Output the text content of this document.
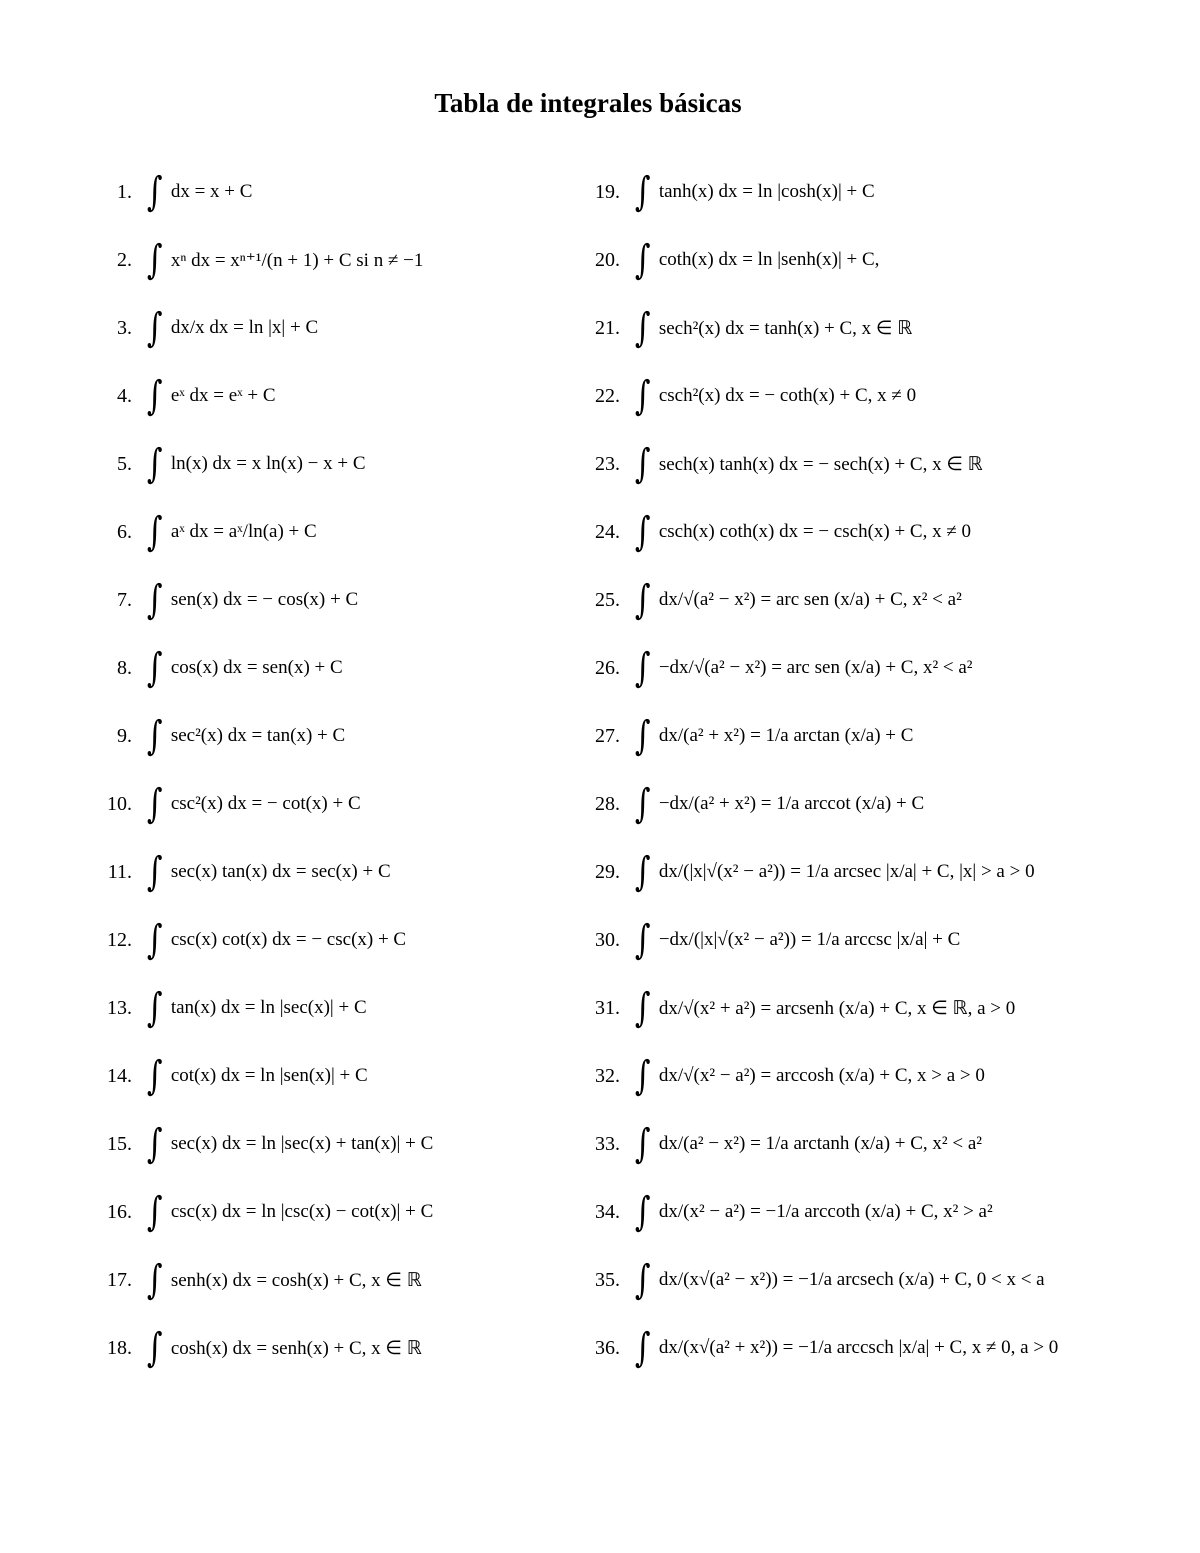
Tabla de integrales básicas
1. ∫ dx = x + C
2. ∫ xⁿ dx = xⁿ⁺¹/(n + 1) + C si n ≠ −1
3. ∫ dx/x dx = ln |x| + C
4. ∫ eˣ dx = eˣ + C
5. ∫ ln(x) dx = x ln(x) − x + C
6. ∫ aˣ dx = aˣ/ln(a) + C
7. ∫ sen(x) dx = − cos(x) + C
8. ∫ cos(x) dx = sen(x) + C
9. ∫ sec²(x) dx = tan(x) + C
10. ∫ csc²(x) dx = − cot(x) + C
11. ∫ sec(x) tan(x) dx = sec(x) + C
12. ∫ csc(x) cot(x) dx = − csc(x) + C
13. ∫ tan(x) dx = ln |sec(x)| + C
14. ∫ cot(x) dx = ln |sen(x)| + C
15. ∫ sec(x) dx = ln |sec(x) + tan(x)| + C
16. ∫ csc(x) dx = ln |csc(x) − cot(x)| + C
17. ∫ senh(x) dx = cosh(x) + C, x ∈ ℝ
18. ∫ cosh(x) dx = senh(x) + C, x ∈ ℝ
19. ∫ tanh(x) dx = ln |cosh(x)| + C
20. ∫ coth(x) dx = ln |senh(x)| + C,
21. ∫ sech²(x) dx = tanh(x) + C, x ∈ ℝ
22. ∫ csch²(x) dx = − coth(x) + C, x ≠ 0
23. ∫ sech(x) tanh(x) dx = − sech(x) + C, x ∈ ℝ
24. ∫ csch(x) coth(x) dx = − csch(x) + C, x ≠ 0
25. ∫ dx/√(a² − x²) = arc sen (x/a) + C, x² < a²
26. ∫ −dx/√(a² − x²) = arc sen (x/a) + C, x² < a²
27. ∫ dx/(a² + x²) = 1/a arctan (x/a) + C
28. ∫ −dx/(a² + x²) = 1/a arccot (x/a) + C
29. ∫ dx/(|x|√(x² − a²)) = 1/a arcsec |x/a| + C, |x| > a > 0
30. ∫ −dx/(|x|√(x² − a²)) = 1/a arccsc |x/a| + C
31. ∫ dx/√(x² + a²) = arcsenh (x/a) + C, x ∈ ℝ, a > 0
32. ∫ dx/√(x² − a²) = arccosh (x/a) + C, x > a > 0
33. ∫ dx/(a² − x²) = 1/a arctanh (x/a) + C, x² < a²
34. ∫ dx/(x² − a²) = −1/a arccoth (x/a) + C, x² > a²
35. ∫ dx/(x√(a² − x²)) = −1/a arcsech (x/a) + C, 0 < x < a
36. ∫ dx/(x√(a² + x²)) = −1/a arccsch |x/a| + C, x ≠ 0, a > 0
